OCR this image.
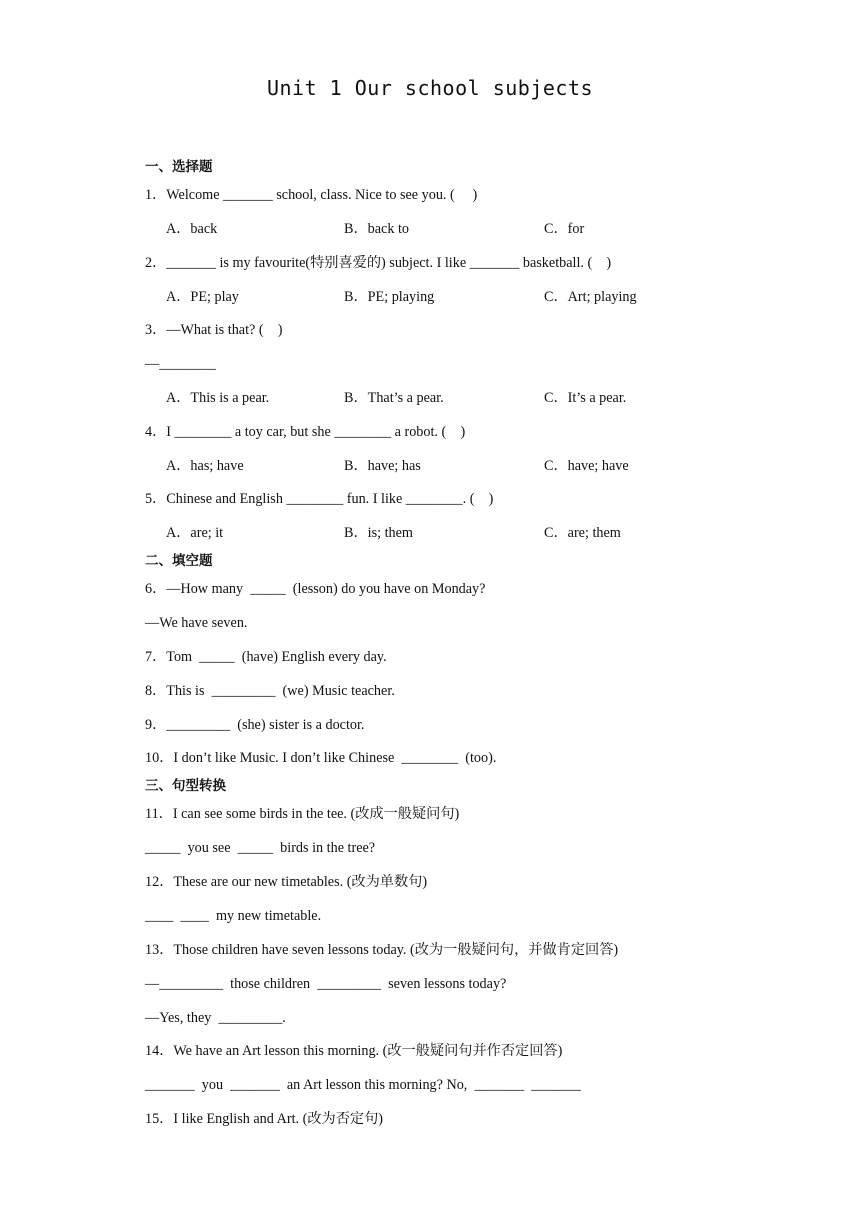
Unit 1 Our school subjects
一、选择题
1．Welcome _______ school, class. Nice to see you. (     )
A．back	B．back to	C．for
2．_______ is my favourite(特别喜爱的) subject. I like _______ basketball. (    )
A．PE; play	B．PE; playing	C．Art; playing
3．—What is that? (    )
—________
A．This is a pear.	B．That’s a pear.	C．It’s a pear.
4．I ________ a toy car, but she ________ a robot. (    )
A．has; have	B．have; has	C．have; have
5．Chinese and English ________ fun. I like ________. (    )
A．are; it	B．is; them	C．are; them
二、填空题
6．—How many  _____  (lesson) do you have on Monday?
—We have seven.
7．Tom  _____  (have) English every day.
8．This is  _________  (we) Music teacher.
9．_________  (she) sister is a doctor.
10．I don’t like Music. I don’t like Chinese  ________  (too).
三、句型转换
11．I can see some birds in the tee. (改成一般疑问句)
_____  you see  _____  birds in the tree?
12．These are our new timetables. (改为单数句)
____  ____  my new timetable.
13．Those children have seven lessons today. (改为一般疑问句，并做肯定回答)
—_________  those children  _________  seven lessons today?
—Yes, they  _________.
14．We have an Art lesson this morning. (改一般疑问句并作否定回答)
_______  you  _______  an Art lesson this morning? No,  _______  _______
15．I like English and Art. (改为否定句)
